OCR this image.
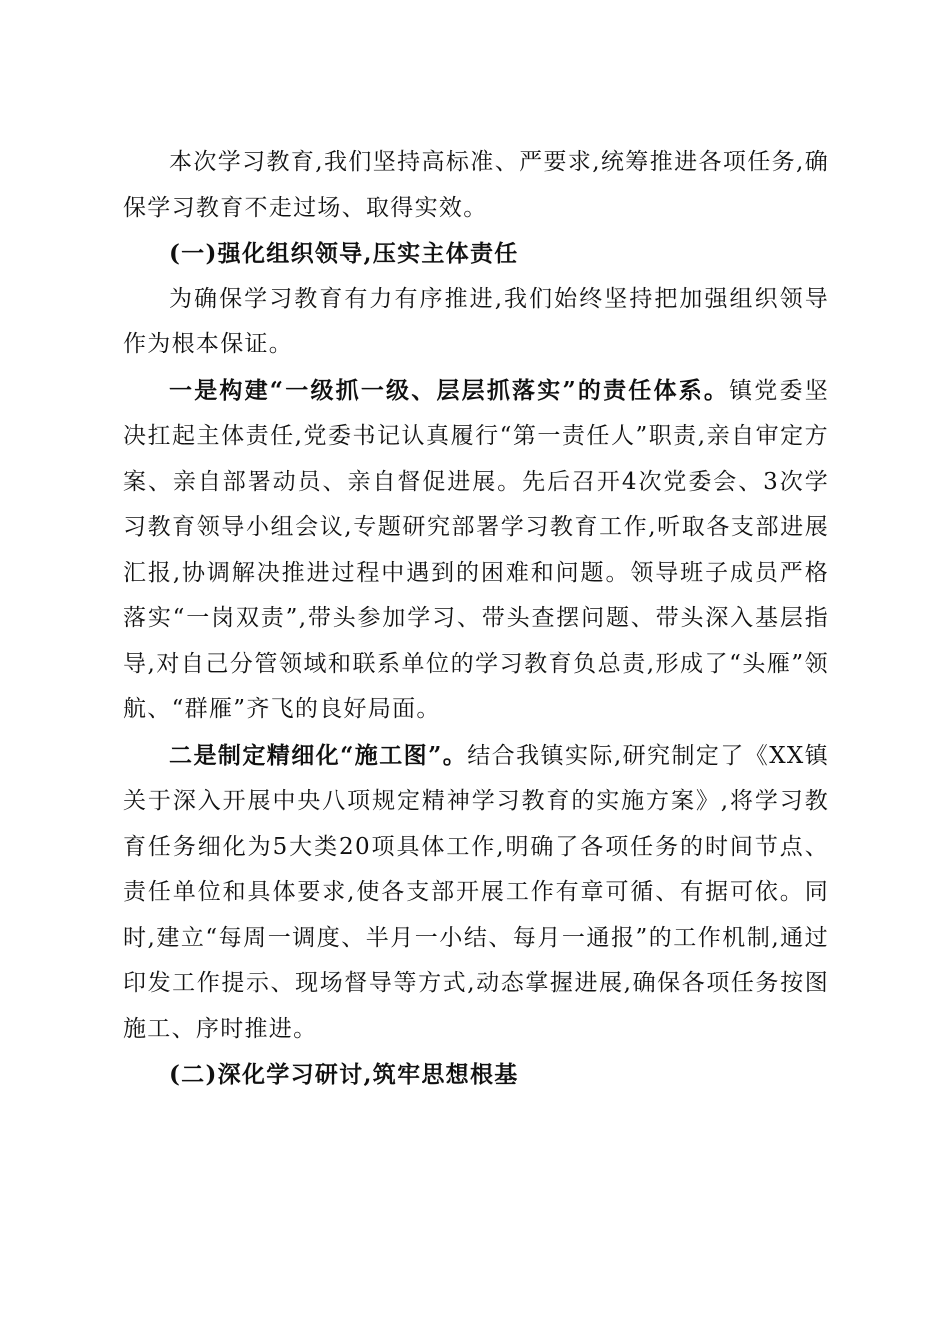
本次学习教育,我们坚持高标准、严要求,统筹推进各项任务,确保学习教育不走过场、取得实效。

(一)强化组织领导,压实主体责任

为确保学习教育有力有序推进,我们始终坚持把加强组织领导作为根本保证。

一是构建“一级抓一级、层层抓落实”的责任体系。镇党委坚决扛起主体责任,党委书记认真履行“第一责任人”职责,亲自审定方案、亲自部署动员、亲自督促进展。先后召开4次党委会、3次学习教育领导小组会议,专题研究部署学习教育工作,听取各支部进展汇报,协调解决推进过程中遇到的困难和问题。领导班子成员严格落实“一岗双责”,带头参加学习、带头查摆问题、带头深入基层指导,对自己分管领域和联系单位的学习教育负总责,形成了“头雁”领航、“群雁”齐飞的良好局面。

二是制定精细化“施工图”。结合我镇实际,研究制定了《XX镇关于深入开展中央八项规定精神学习教育的实施方案》,将学习教育任务细化为5大类20项具体工作,明确了各项任务的时间节点、责任单位和具体要求,使各支部开展工作有章可循、有据可依。同时,建立“每周一调度、半月一小结、每月一通报”的工作机制,通过印发工作提示、现场督导等方式,动态掌握进展,确保各项任务按图施工、序时推进。

(二)深化学习研讨,筑牢思想根基
